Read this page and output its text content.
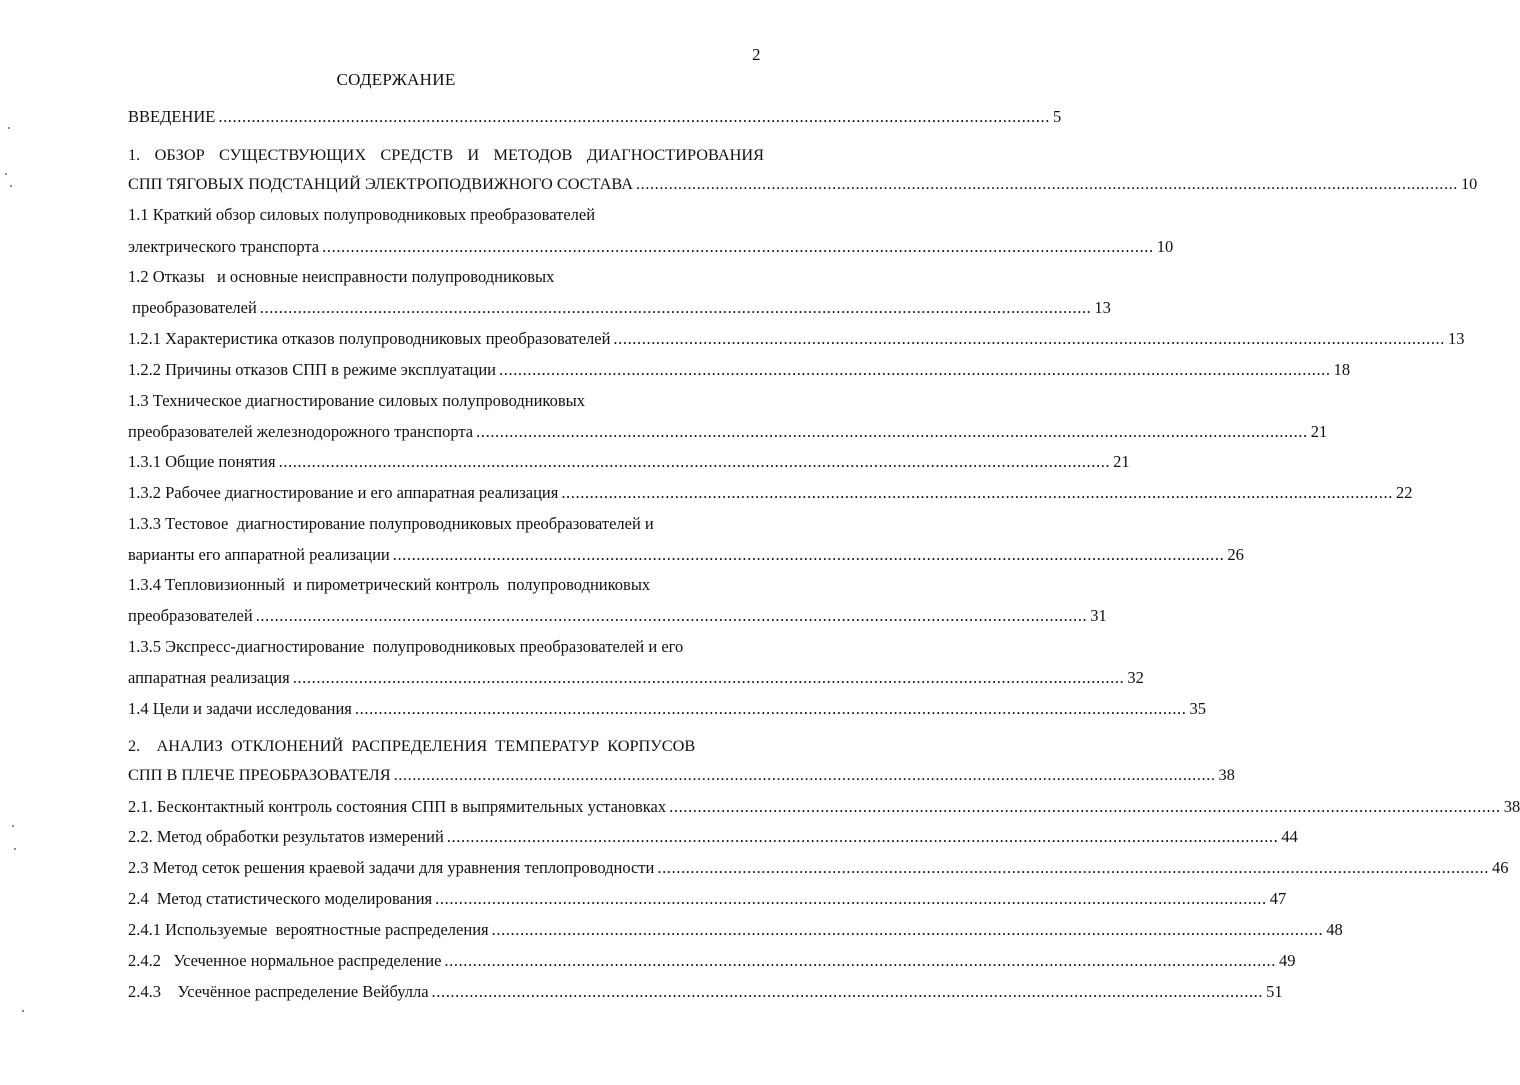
2
СОДЕРЖАНИЕ
ВВЕДЕНИЕ ................................................................................................................................................................................ 5
1. ОБЗОР СУЩЕСТВУЮЩИХ СРЕДСТВ И МЕТОДОВ ДИАГНОСТИРОВАНИЯ
СПП ТЯГОВЫХ ПОДСТАНЦИЙ ЭЛЕКТРОПОДВИЖНОГО СОСТАВА ................................................................................................................................................................................ 10
1.1 Краткий обзор силовых полупроводниковых преобразователей
электрического транспорта ................................................................................................................................................................................ 10
1.2 Отказы   и основные неисправности полупроводниковых
преобразователей ................................................................................................................................................................................ 13
1.2.1 Характеристика отказов полупроводниковых преобразователей ................................................................................................................................................................................ 13
1.2.2 Причины отказов СПП в режиме эксплуатации ................................................................................................................................................................................ 18
1.3 Техническое диагностирование силовых полупроводниковых
преобразователей железнодорожного транспорта ................................................................................................................................................................................ 21
1.3.1 Общие понятия ................................................................................................................................................................................ 21
1.3.2 Рабочее диагностирование и его аппаратная реализация ................................................................................................................................................................................ 22
1.3.3 Тестовое  диагностирование полупроводниковых преобразователей и
варианты его аппаратной реализации ................................................................................................................................................................................ 26
1.3.4 Тепловизионный  и пирометрический контроль  полупроводниковых
преобразователей ................................................................................................................................................................................ 31
1.3.5 Экспресс-диагностирование  полупроводниковых преобразователей и его
аппаратная реализация ................................................................................................................................................................................ 32
1.4 Цели и задачи исследования ................................................................................................................................................................................ 35
2.    АНАЛИЗ  ОТКЛОНЕНИЙ  РАСПРЕДЕЛЕНИЯ  ТЕМПЕРАТУР  КОРПУСОВ
СПП В ПЛЕЧЕ ПРЕОБРАЗОВАТЕЛЯ ................................................................................................................................................................................ 38
2.1. Бесконтактный контроль состояния СПП в выпрямительных установках ................................................................................................................................................................................ 38
2.2. Метод обработки результатов измерений ................................................................................................................................................................................ 44
2.3 Метод сеток решения краевой задачи для уравнения теплопроводности ................................................................................................................................................................................ 46
2.4  Метод статистического моделирования ................................................................................................................................................................................ 47
2.4.1 Используемые  вероятностные распределения ................................................................................................................................................................................ 48
2.4.2   Усеченное нормальное распределение ................................................................................................................................................................................ 49
2.4.3    Усечённое распределение Вейбулла ................................................................................................................................................................................ 51
